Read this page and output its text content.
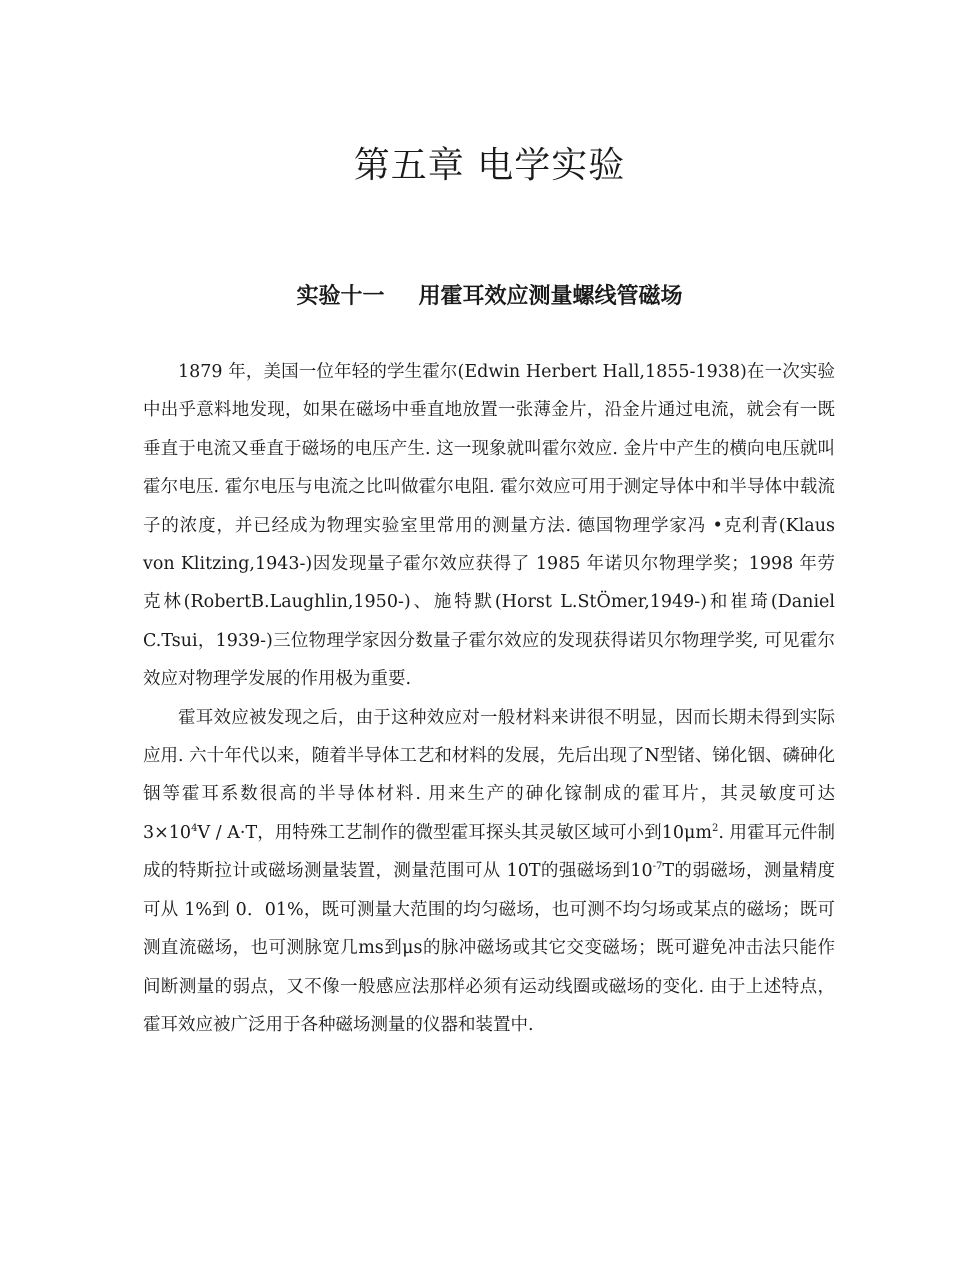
第五章 电学实验
实验十一 用霍耳效应测量螺线管磁场

1879 年，美国一位年轻的学生霍尔(Edwin Herbert Hall,1855-1938)在一次实验中出乎意料地发现，如果在磁场中垂直地放置一张薄金片，沿金片通过电流，就会有一既垂直于电流又垂直于磁场的电压产生. 这一现象就叫霍尔效应. 金片中产生的横向电压就叫霍尔电压. 霍尔电压与电流之比叫做霍尔电阻. 霍尔效应可用于测定导体中和半导体中载流子的浓度，并已经成为物理实验室里常用的测量方法. 德国物理学家冯 •克利青(Klaus von Klitzing,1943-)因发现量子霍尔效应获得了 1985 年诺贝尔物理学奖；1998 年劳克林(RobertB.Laughlin,1950-)、施特默(Horst L.StÖmer,1949-)和崔琦(Daniel C.Tsui，1939-)三位物理学家因分数量子霍尔效应的发现获得诺贝尔物理学奖, 可见霍尔效应对物理学发展的作用极为重要.

霍耳效应被发现之后，由于这种效应对一般材料来讲很不明显，因而长期未得到实际应用. 六十年代以来，随着半导体工艺和材料的发展，先后出现了N型锗、锑化铟、磷砷化铟等霍耳系数很高的半导体材料. 用来生产的砷化镓制成的霍耳片，其灵敏度可达 $3\times 10^4V / A\cdot T$，用特殊工艺制作的微型霍耳探头其灵敏区域可小到$10\mu m^2$. 用霍耳元件制成的特斯拉计或磁场测量装置，测量范围可从 10T的强磁场到$10^{-7}T$的弱磁场，测量精度可从 1%到 0．01%，既可测量大范围的均匀磁场，也可测不均匀场或某点的磁场；既可测直流磁场，也可测脉宽几ms到μs的脉冲磁场或其它交变磁场；既可避免冲击法只能作间断测量的弱点，又不像一般感应法那样必须有运动线圈或磁场的变化. 由于上述特点，霍耳效应被广泛用于各种磁场测量的仪器和装置中.
